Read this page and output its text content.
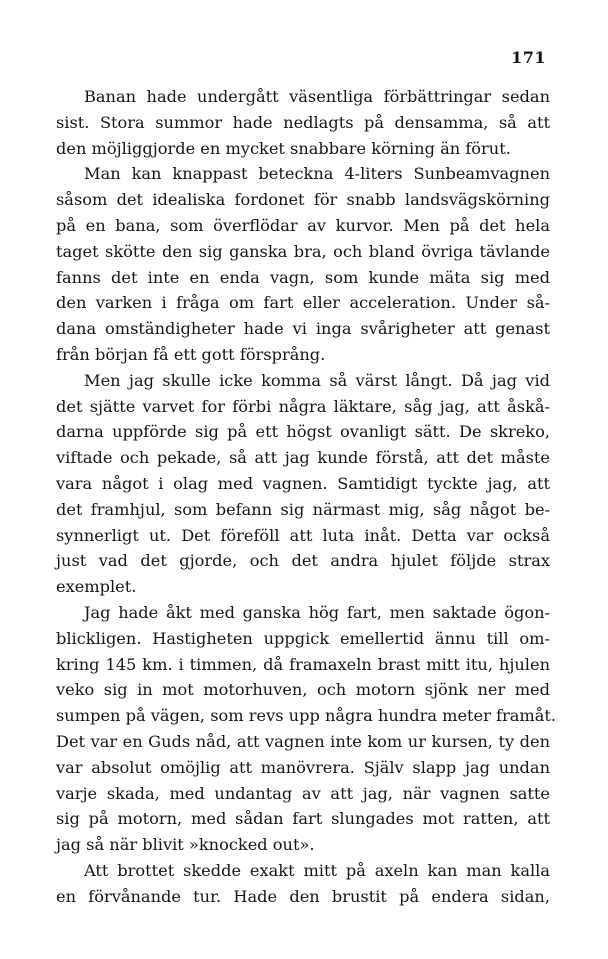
171
Banan hade undergått väsentliga förbättringar sedan
sist. Stora summor hade nedlagts på densamma, så att
den möjliggjorde en mycket snabbare körning än förut.
Man kan knappast beteckna 4-liters Sunbeamvagnen
såsom det idealiska fordonet för snabb landsvägskörning
på en bana, som överflödar av kurvor. Men på det hela
taget skötte den sig ganska bra, och bland övriga tävlande
fanns det inte en enda vagn, som kunde mäta sig med
den varken i fråga om fart eller acceleration. Under så-
dana omständigheter hade vi inga svårigheter att genast
från början få ett gott försprång.
Men jag skulle icke komma så värst långt. Då jag vid
det sjätte varvet for förbi några läktare, såg jag, att åskå-
darna uppförde sig på ett högst ovanligt sätt. De skreko,
viftade och pekade, så att jag kunde förstå, att det måste
vara något i olag med vagnen. Samtidigt tyckte jag, att
det framhjul, som befann sig närmast mig, såg något be-
synnerligt ut. Det föreföll att luta inåt. Detta var också
just vad det gjorde, och det andra hjulet följde strax
exemplet.
Jag hade åkt med ganska hög fart, men saktade ögon-
blickligen. Hastigheten uppgick emellertid ännu till om-
kring 145 km. i timmen, då framaxeln brast mitt itu, hjulen
veko sig in mot motorhuven, och motorn sjönk ner med
sumpen på vägen, som revs upp några hundra meter framåt.
Det var en Guds nåd, att vagnen inte kom ur kursen, ty den
var absolut omöjlig att manövrera. Själv slapp jag undan
varje skada, med undantag av att jag, när vagnen satte
sig på motorn, med sådan fart slungades mot ratten, att
jag så när blivit »knocked out».
Att brottet skedde exakt mitt på axeln kan man kalla
en förvånande tur. Hade den brustit på endera sidan,
